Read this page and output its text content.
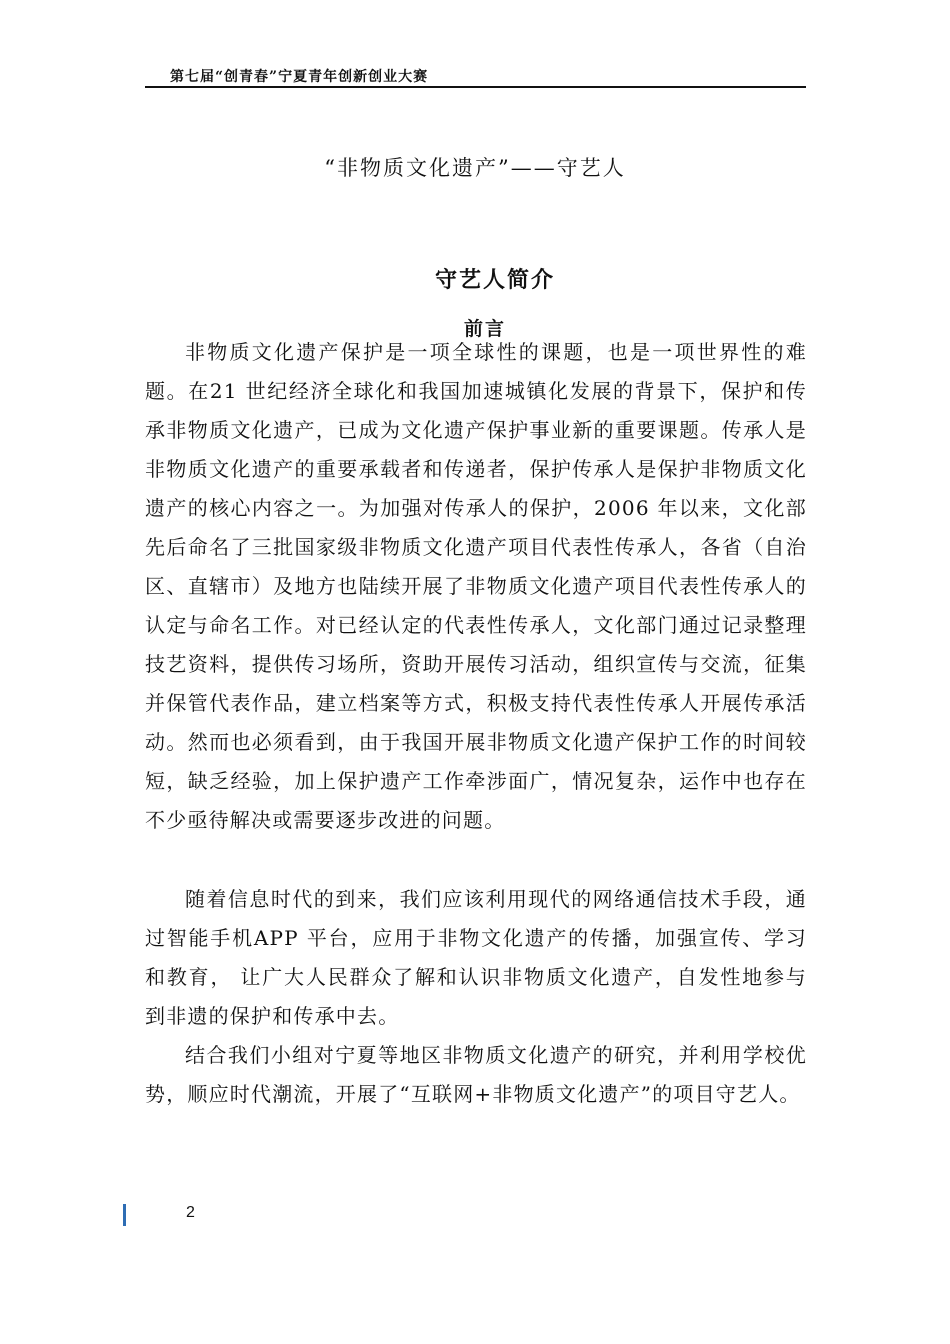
第七届“创青春”宁夏青年创新创业大赛
“非物质文化遗产”——守艺人
守艺人简介
前言

非物质文化遗产保护是一项全球性的课题，也是一项世界性的难题。在21 世纪经济全球化和我国加速城镇化发展的背景下，保护和传承非物质文化遗产，已成为文化遗产保护事业新的重要课题。传承人是非物质文化遗产的重要承载者和传递者，保护传承人是保护非物质文化遗产的核心内容之一。为加强对传承人的保护，2006 年以来，文化部先后命名了三批国家级非物质文化遗产项目代表性传承人，各省（自治区、直辖市）及地方也陆续开展了非物质文化遗产项目代表性传承人的认定与命名工作。对已经认定的代表性传承人，文化部门通过记录整理技艺资料，提供传习场所，资助开展传习活动，组织宣传与交流，征集并保管代表作品，建立档案等方式，积极支持代表性传承人开展传承活动。然而也必须看到，由于我国开展非物质文化遗产保护工作的时间较短，缺乏经验，加上保护遗产工作牵涉面广，情况复杂，运作中也存在不少亟待解决或需要逐步改进的问题。

随着信息时代的到来，我们应该利用现代的网络通信技术手段，通过智能手机APP 平台，应用于非物文化遗产的传播，加强宣传、学习和教育， 让广大人民群众了解和认识非物质文化遗产，自发性地参与到非遗的保护和传承中去。

结合我们小组对宁夏等地区非物质文化遗产的研究，并利用学校优势，顺应时代潮流，开展了“互联网+非物质文化遗产”的项目守艺人。

2
